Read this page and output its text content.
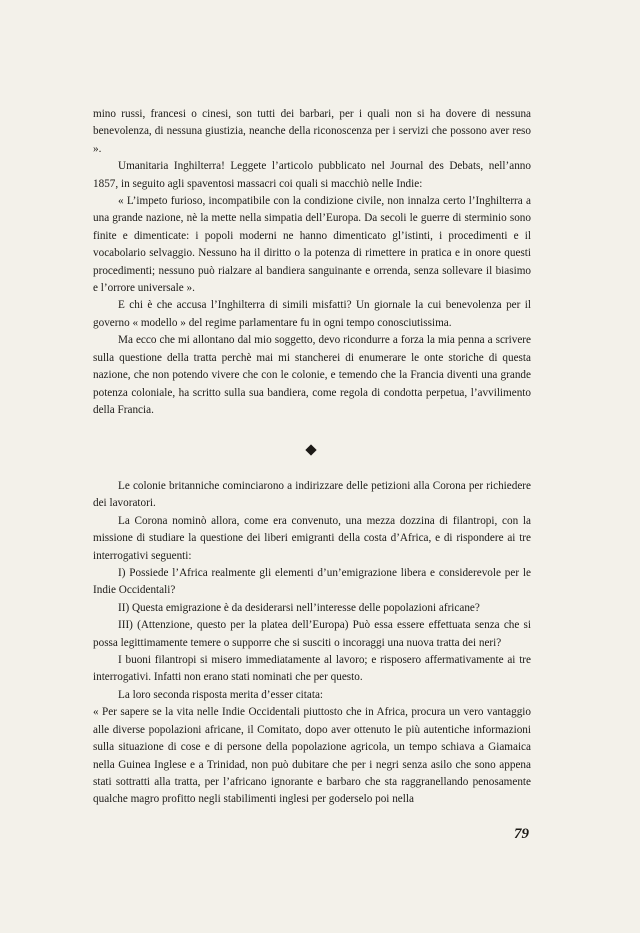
mino russi, francesi o cinesi, son tutti dei barbari, per i quali non si ha dovere di nessuna benevolenza, di nessuna giustizia, neanche della riconoscenza per i servizi che possono aver reso ».

Umanitaria Inghilterra! Leggete l’articolo pubblicato nel Journal des Debats, nell’anno 1857, in seguito agli spaventosi massacri coi quali si macchiò nelle Indie:

« L’impeto furioso, incompatibile con la condizione civile, non innalza certo l’Inghilterra a una grande nazione, nè la mette nella simpatia dell’Europa. Da secoli le guerre di sterminio sono finite e dimenticate: i popoli moderni ne hanno dimenticato gl’istinti, i procedimenti e il vocabolario selvaggio. Nessuno ha il diritto o la potenza di rimettere in pratica e in onore questi procedimenti; nessuno può rialzare al bandiera sanguinante e orrenda, senza sollevare il biasimo e l’orrore universale ».

E chi è che accusa l’Inghilterra di simili misfatti? Un giornale la cui benevolenza per il governo « modello » del regime parlamentare fu in ogni tempo conosciutissima.

Ma ecco che mi allontano dal mio soggetto, devo ricondurre a forza la mia penna a scrivere sulla questione della tratta perchè mai mi stancherei di enumerare le onte storiche di questa nazione, che non potendo vivere che con le colonie, e temendo che la Francia diventi una grande potenza coloniale, ha scritto sulla sua bandiera, come regola di condotta perpetua, l’avvilimento della Francia.

Le colonie britanniche cominciarono a indirizzare delle petizioni alla Corona per richiedere dei lavoratori.

La Corona nominò allora, come era convenuto, una mezza dozzina di filantropi, con la missione di studiare la questione dei liberi emigranti della costa d’Africa, e di rispondere ai tre interrogativi seguenti:

I) Possiede l’Africa realmente gli elementi d’un’emigrazione libera e considerevole per le Indie Occidentali?

II) Questa emigrazione è da desiderarsi nell’interesse delle popolazioni africane?

III) (Attenzione, questo per la platea dell’Europa) Può essa essere effettuata senza che si possa legittimamente temere o supporre che si susciti o incoraggi una nuova tratta dei neri?

I buoni filantropi si misero immediatamente al lavoro; e risposero affermativamente ai tre interrogativi. Infatti non erano stati nominati che per questo.

La loro seconda risposta merita d’esser citata:

« Per sapere se la vita nelle Indie Occidentali piuttosto che in Africa, procura un vero vantaggio alle diverse popolazioni africane, il Comitato, dopo aver ottenuto le più autentiche informazioni sulla situazione di cose e di persone della popolazione agricola, un tempo schiava a Giamaica nella Guinea Inglese e a Trinidad, non può dubitare che per i negri senza asilo che sono appena stati sottratti alla tratta, per l’africano ignorante e barbaro che sta raggranellando penosamente qualche magro profitto negli stabilimenti inglesi per goderselo poi nella

79
